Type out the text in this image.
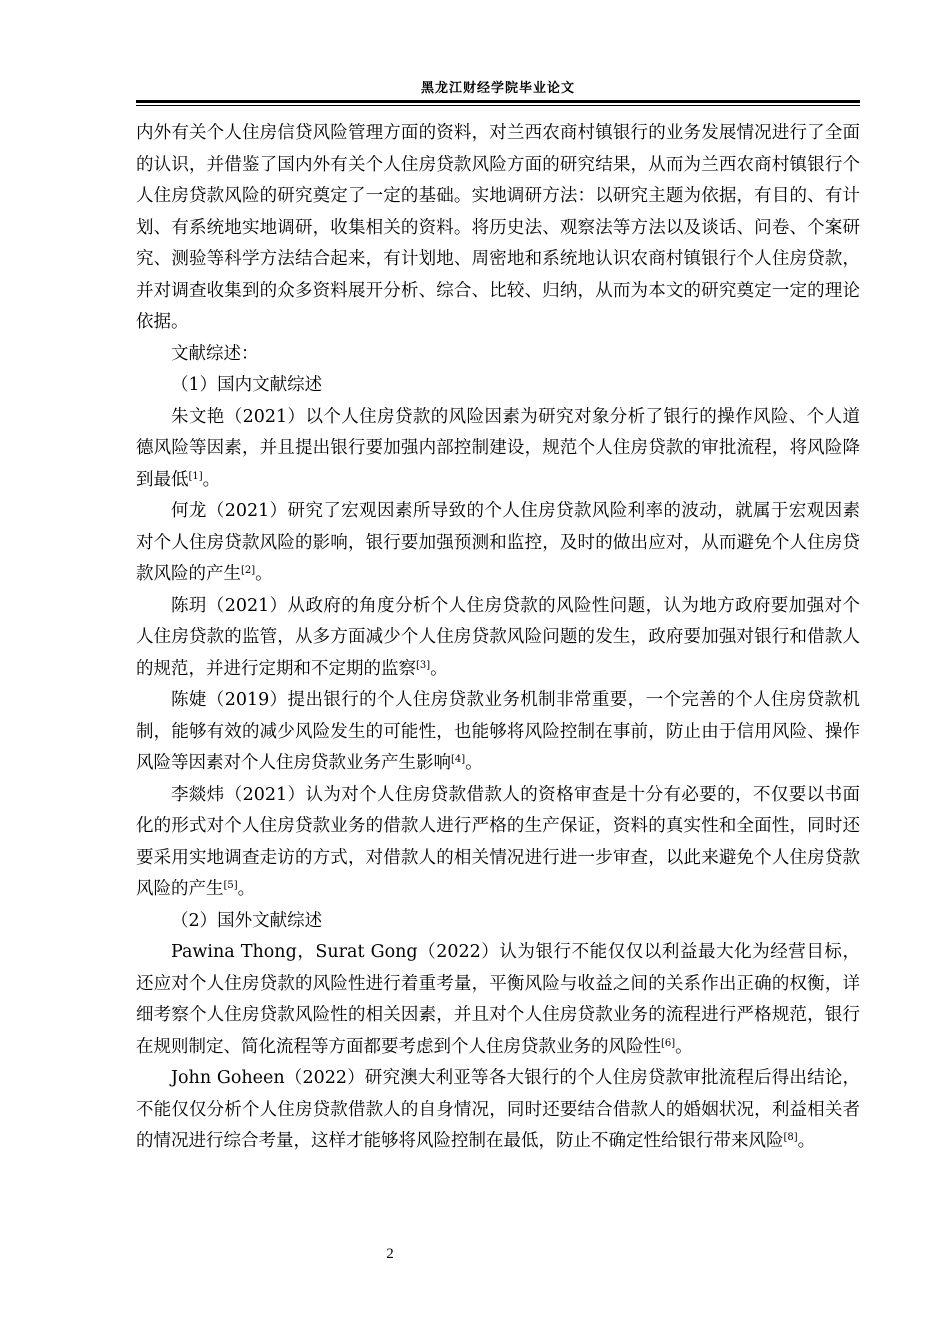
黑龙江财经学院毕业论文

内外有关个人住房信贷风险管理方面的资料，对兰西农商村镇银行的业务发展情况进行了全面的认识，并借鉴了国内外有关个人住房贷款风险方面的研究结果，从而为兰西农商村镇银行个人住房贷款风险的研究奠定了一定的基础。实地调研方法：以研究主题为依据，有目的、有计划、有系统地实地调研，收集相关的资料。将历史法、观察法等方法以及谈话、问卷、个案研究、测验等科学方法结合起来，有计划地、周密地和系统地认识农商村镇银行个人住房贷款，并对调查收集到的众多资料展开分析、综合、比较、归纳，从而为本文的研究奠定一定的理论依据。

文献综述：

（1）国内文献综述

朱文艳（2021）以个人住房贷款的风险因素为研究对象分析了银行的操作风险、个人道德风险等因素，并且提出银行要加强内部控制建设，规范个人住房贷款的审批流程，将风险降到最低[1]。

何龙（2021）研究了宏观因素所导致的个人住房贷款风险利率的波动，就属于宏观因素对个人住房贷款风险的影响，银行要加强预测和监控，及时的做出应对，从而避免个人住房贷款风险的产生[2]。

陈玥（2021）从政府的角度分析个人住房贷款的风险性问题，认为地方政府要加强对个人住房贷款的监管，从多方面减少个人住房贷款风险问题的发生，政府要加强对银行和借款人的规范，并进行定期和不定期的监察[3]。

陈婕（2019）提出银行的个人住房贷款业务机制非常重要，一个完善的个人住房贷款机制，能够有效的减少风险发生的可能性，也能够将风险控制在事前，防止由于信用风险、操作风险等因素对个人住房贷款业务产生影响[4]。

李燚炜（2021）认为对个人住房贷款借款人的资格审查是十分有必要的，不仅要以书面化的形式对个人住房贷款业务的借款人进行严格的生产保证，资料的真实性和全面性，同时还要采用实地调查走访的方式，对借款人的相关情况进行进一步审查，以此来避免个人住房贷款风险的产生[5]。

（2）国外文献综述

Pawina Thong，Surat Gong（2022）认为银行不能仅仅以利益最大化为经营目标，还应对个人住房贷款的风险性进行着重考量，平衡风险与收益之间的关系作出正确的权衡，详细考察个人住房贷款风险性的相关因素，并且对个人住房贷款业务的流程进行严格规范，银行在规则制定、简化流程等方面都要考虑到个人住房贷款业务的风险性[6]。

John Goheen（2022）研究澳大利亚等各大银行的个人住房贷款审批流程后得出结论，不能仅仅分析个人住房贷款借款人的自身情况，同时还要结合借款人的婚姻状况，利益相关者的情况进行综合考量，这样才能够将风险控制在最低，防止不确定性给银行带来风险[8]。

2
